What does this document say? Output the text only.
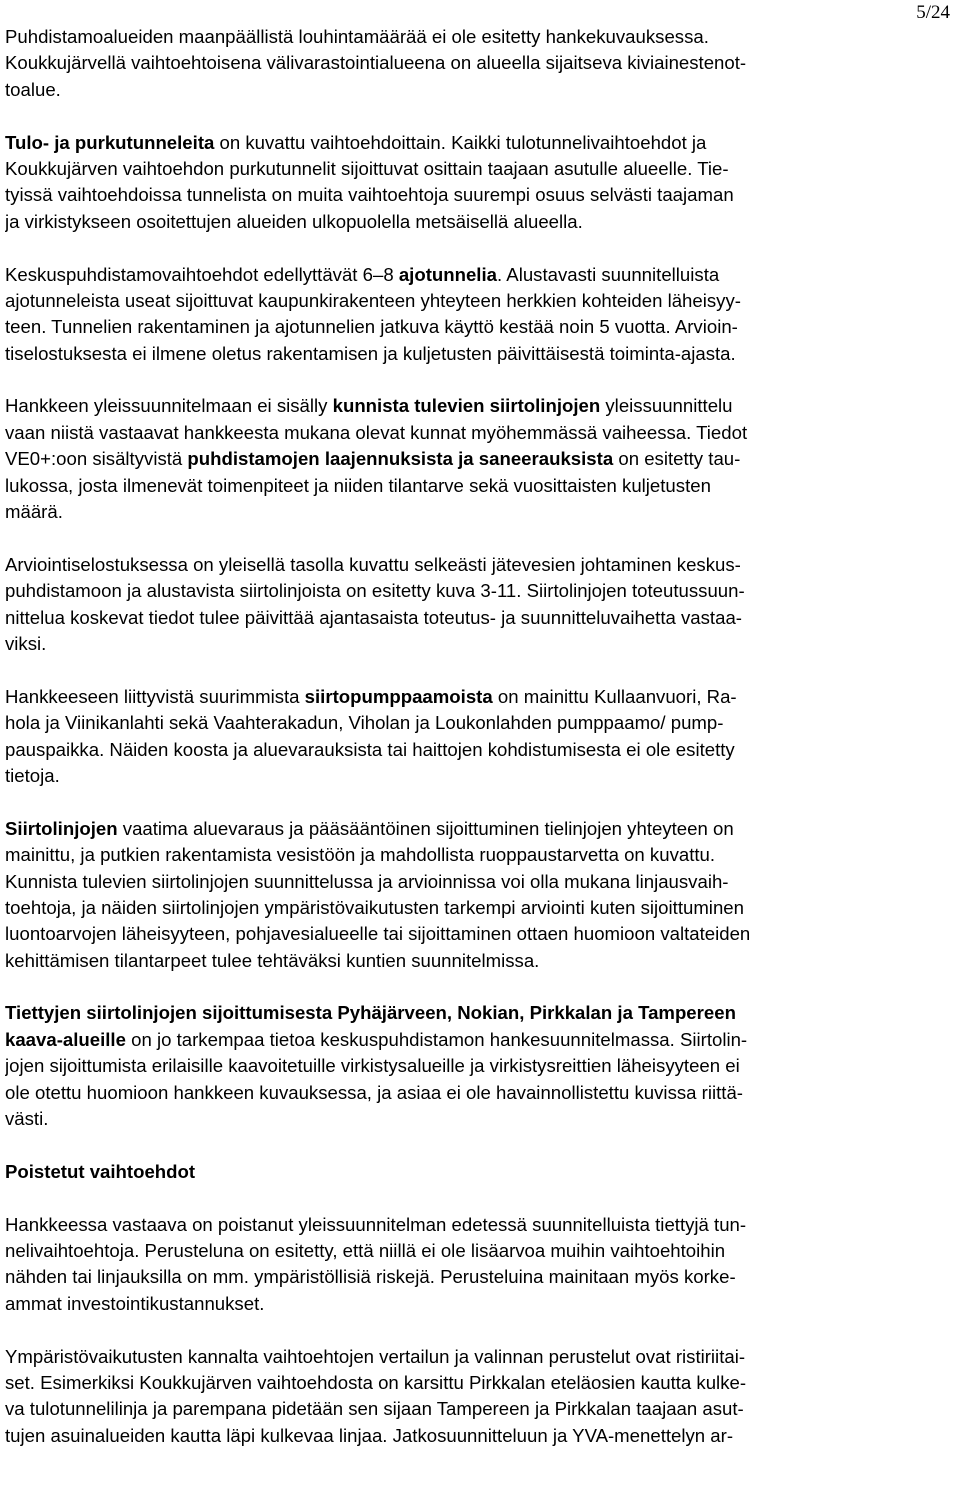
5/24
Puhdistamoalueiden maanpäällistä louhintamäärää ei ole esitetty hankekuvauksessa.
Koukkujärvellä vaihtoehtoisena välivarastointialueena on alueella sijaitseva kiviainestenot-
toalue.
Tulo- ja purkutunneleita on kuvattu vaihtoehdoittain. Kaikki tulotunnelivaihtoehdot ja
Koukkujärven vaihtoehdon purkutunnelit sijoittuvat osittain taajaan asutulle alueelle. Tie-
tyissä vaihtoehdoissa tunnelista on muita vaihtoehtoja suurempi osuus selvästi taajaman
ja virkistykseen osoitettujen alueiden ulkopuolella metsäisellä alueella.
Keskuspuhdistamovaihtoehdot edellyttävät 6–8 ajotunnelia. Alustavasti suunnitelluista
ajotunneleista useat sijoittuvat kaupunkirakenteen yhteyteen herkkien kohteiden läheisyy-
teen. Tunnelien rakentaminen ja ajotunnelien jatkuva käyttö kestää noin 5 vuotta. Arvioin-
tiselostuksesta ei ilmene oletus rakentamisen ja kuljetusten päivittäisestä toiminta-ajasta.
Hankkeen yleissuunnitelmaan ei sisälly kunnista tulevien siirtolinjojen yleissuunnittelu
vaan niistä vastaavat hankkeesta mukana olevat kunnat myöhemmässä vaiheessa. Tiedot
VE0+:oon sisältyvistä puhdistamojen laajennuksista ja saneerauksista on esitetty tau-
lukossa, josta ilmenevät toimenpiteet ja niiden tilantarve sekä vuosittaisten kuljetusten
määrä.
Arviointiselostuksessa on yleisellä tasolla kuvattu selkeästi jätevesien johtaminen keskus-
puhdistamoon ja alustavista siirtolinjoista on esitetty kuva 3-11. Siirtolinjojen toteutussuun-
nittelua koskevat tiedot tulee päivittää ajantasaista toteutus- ja suunnitteluvaihetta vastaa-
viksi.
Hankkeeseen liittyvistä suurimmista siirtopumppaamoista on mainittu Kullaanvuori, Ra-
hola ja Viinikanlahti sekä Vaahterakadun, Viholan ja Loukonlahden pumppaamo/ pump-
pauspaikka. Näiden koosta ja aluevarauksista tai haittojen kohdistumisesta ei ole esitetty
tietoja.
Siirtolinjojen vaatima aluevaraus ja pääsääntöinen sijoittuminen tielinjojen yhteyteen on
mainittu, ja putkien rakentamista vesistöön ja mahdollista ruoppaustarvetta on kuvattu.
Kunnista tulevien siirtolinjojen suunnittelussa ja arvioinnissa voi olla mukana linjausvaih-
toehtoja, ja näiden siirtolinjojen ympäristövaikutusten tarkempi arviointi kuten sijoittuminen
luontoarvojen läheisyyteen, pohjavesialueelle tai sijoittaminen ottaen huomioon valtateiden
kehittämisen tilantarpeet tulee tehtäväksi kuntien suunnitelmissa.
Tiettyjen siirtolinjojen sijoittumisesta Pyhäjärveen, Nokian, Pirkkalan ja Tampereen
kaava-alueille on jo tarkempaa tietoa keskuspuhdistamon hankesuunnitelmassa. Siirtolin-
jojen sijoittumista erilaisille kaavoitetuille virkistysalueille ja virkistysreittien läheisyyteen ei
ole otettu huomioon hankkeen kuvauksessa, ja asiaa ei ole havainnollistettu kuvissa riittä-
västi.
Poistetut vaihtoehdot
Hankkeessa vastaava on poistanut yleissuunnitelman edetessä suunnitelluista tiettyjä tun-
nelivaihtoehtoja. Perusteluna on esitetty, että niillä ei ole lisäarvoa muihin vaihtoehtoihin
nähden tai linjauksilla on mm. ympäristöllisiä riskejä. Perusteluina mainitaan myös korke-
ammat investointikustannukset.
Ympäristövaikutusten kannalta vaihtoehtojen vertailun ja valinnan perustelut ovat ristiriitai-
set. Esimerkiksi Koukkujärven vaihtoehdosta on karsittu Pirkkalan eteläosien kautta kulke-
va tulotunnelilinja ja parempana pidetään sen sijaan Tampereen ja Pirkkalan taajaan asut-
tujen asuinalueiden kautta läpi kulkevaa linjaa. Jatkosuunnitteluun ja YVA-menettelyn ar-
